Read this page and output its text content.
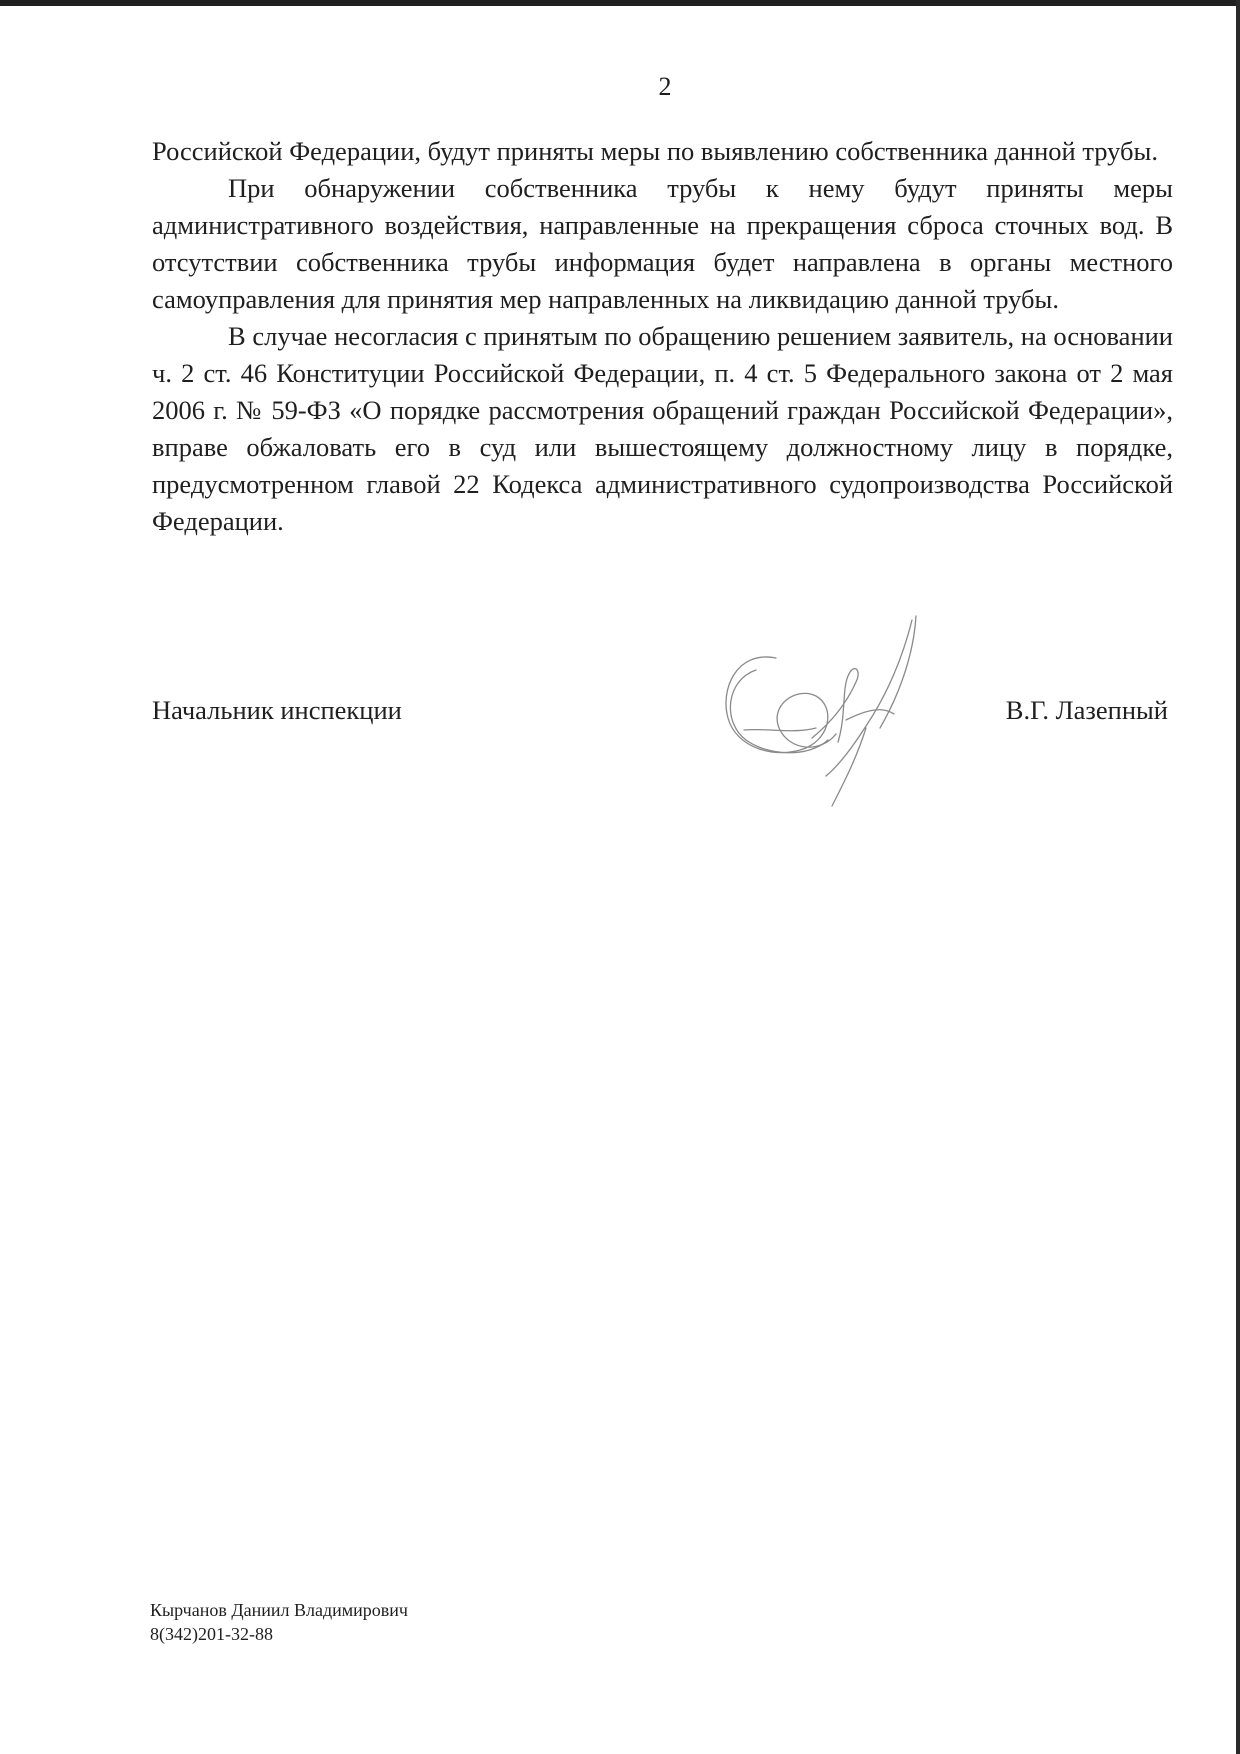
2

Российской Федерации, будут приняты меры по выявлению собственника данной трубы.

При обнаружении собственника трубы к нему будут приняты меры административного воздействия, направленные на прекращения сброса сточных вод. В отсутствии собственника трубы информация будет направлена в органы местного самоуправления для принятия мер направленных на ликвидацию данной трубы.

В случае несогласия с принятым по обращению решением заявитель, на основании ч. 2 ст. 46 Конституции Российской Федерации, п. 4 ст. 5 Федерального закона от 2 мая 2006 г. № 59-ФЗ «О порядке рассмотрения обращений граждан Российской Федерации», вправе обжаловать его в суд или вышестоящему должностному лицу в порядке, предусмотренном главой 22 Кодекса административного судопроизводства Российской Федерации.

Начальник инспекции	В.Г. Лазепный
Кырчанов Даниил Владимирович
8(342)201-32-88
